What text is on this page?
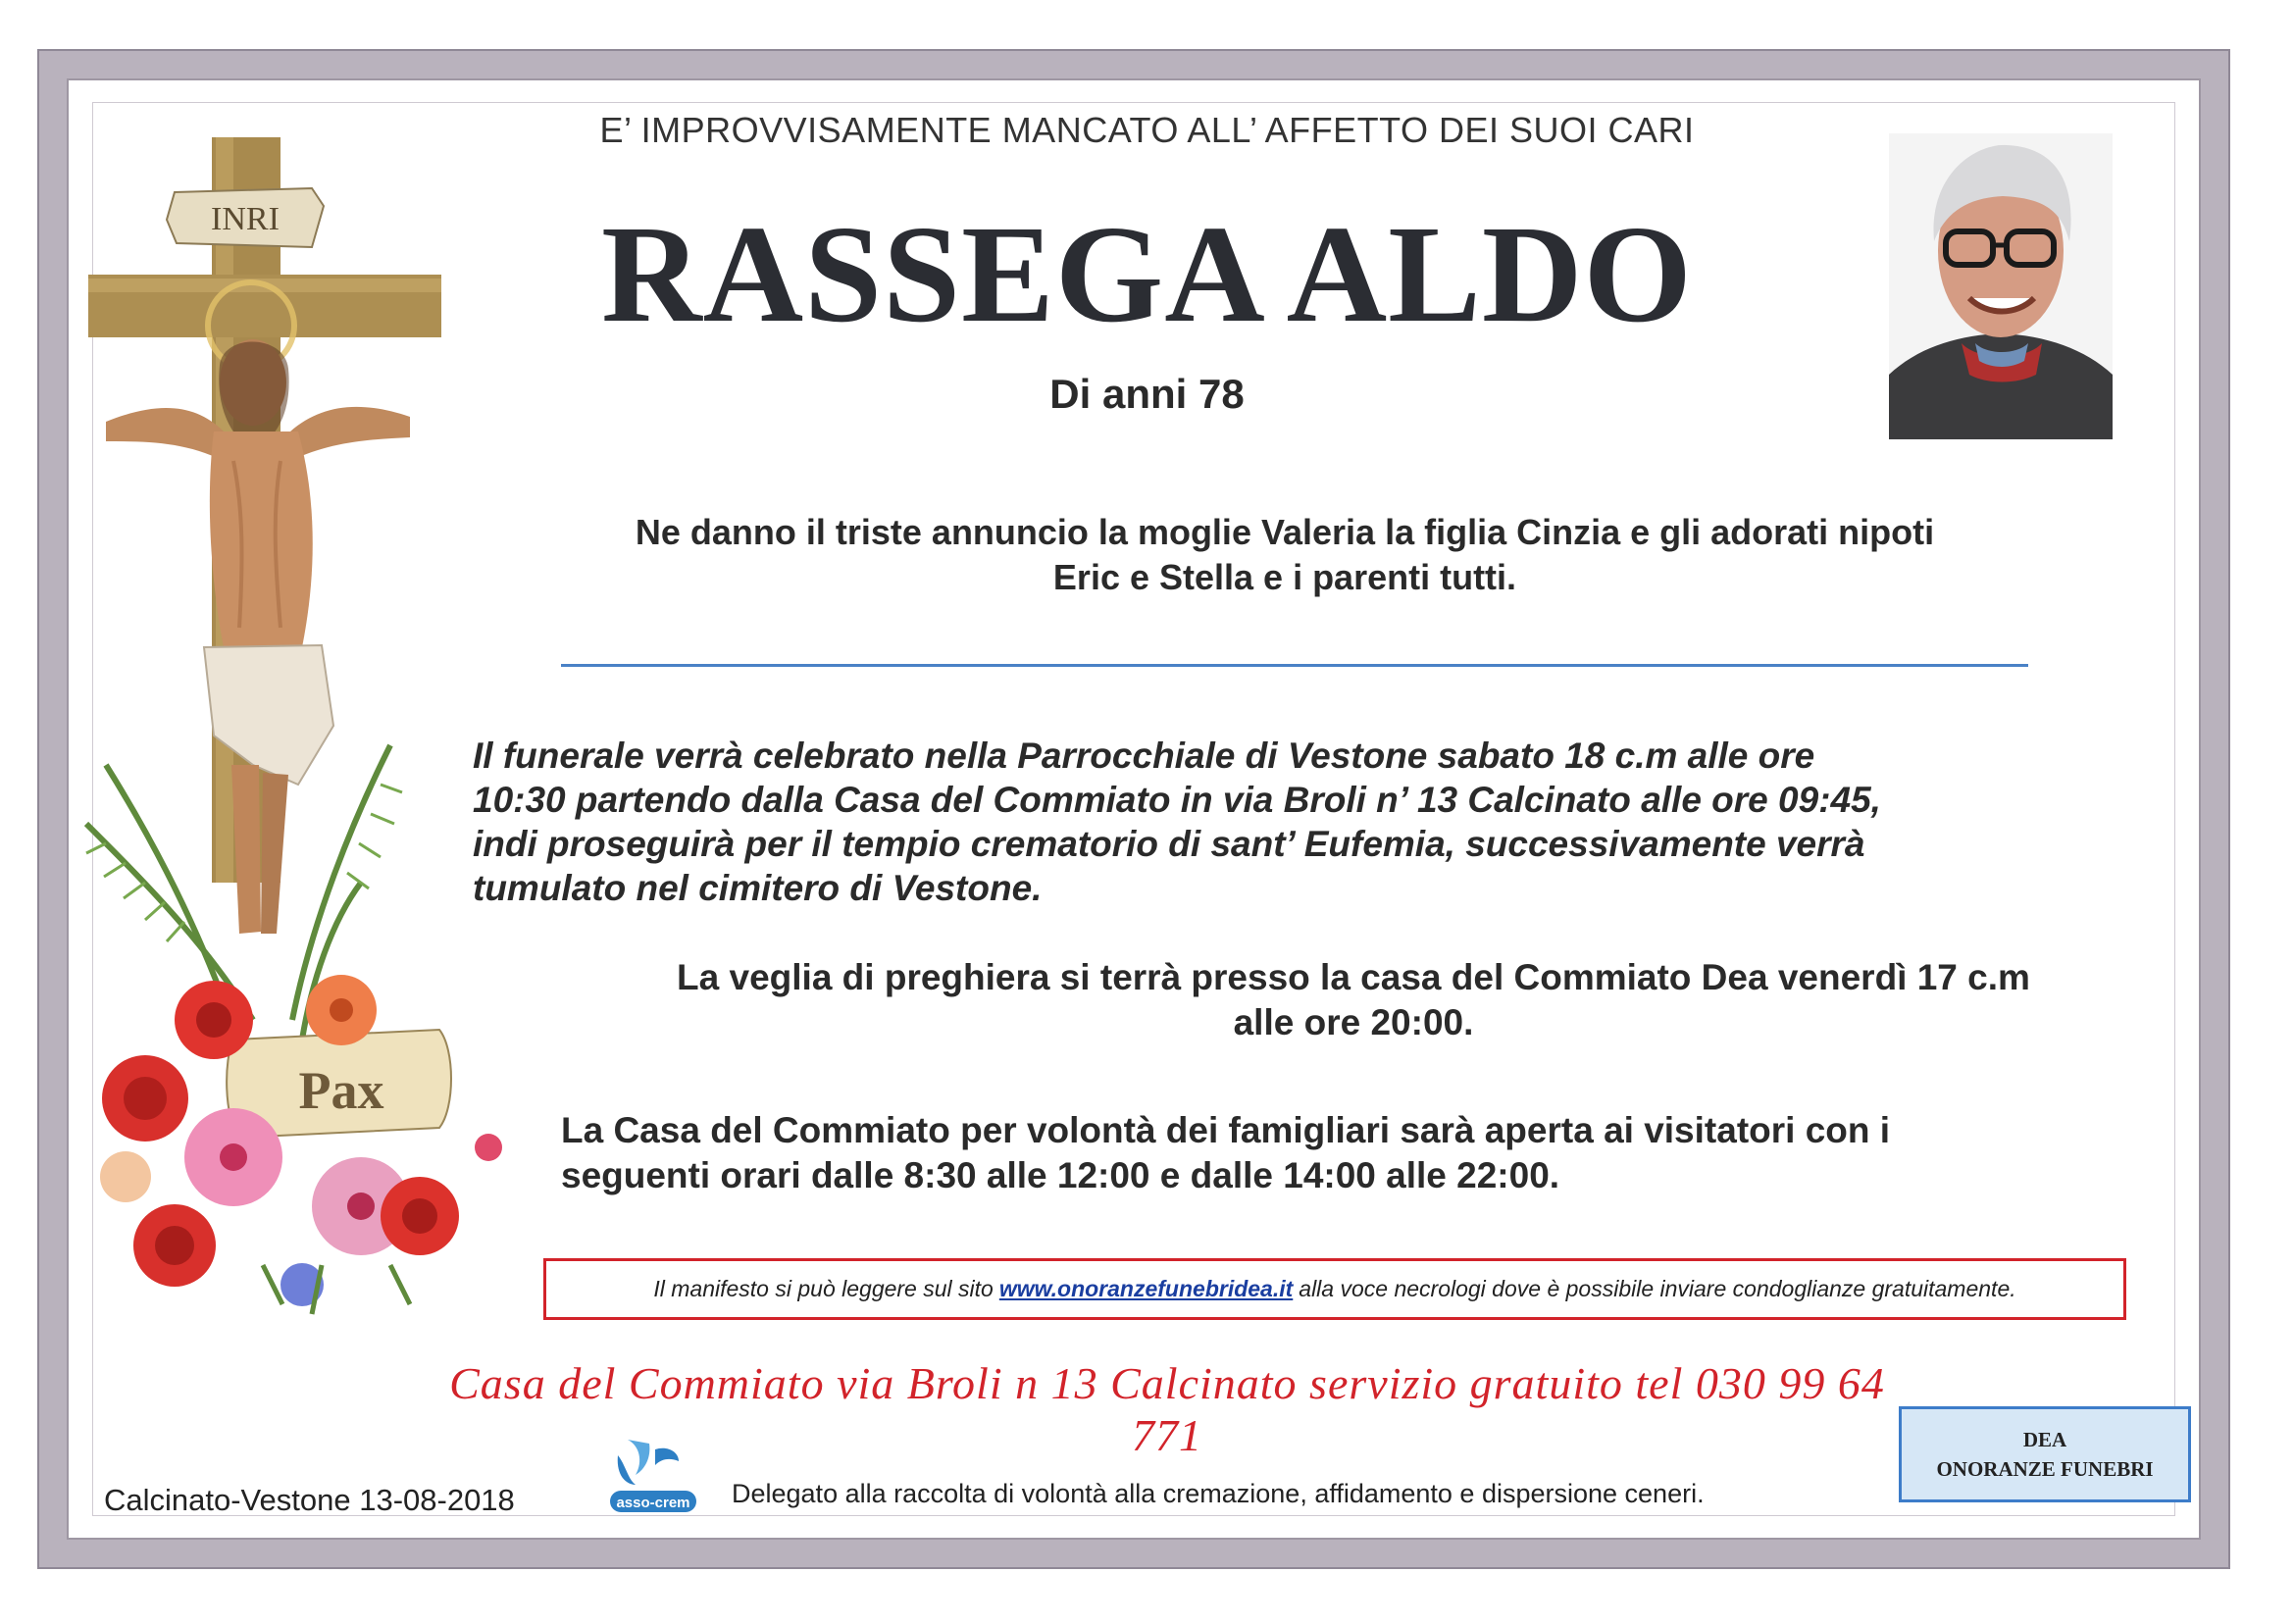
INRI
Pax
E’ IMPROVVISAMENTE MANCATO ALL’ AFFETTO DEI SUOI CARI
RASSEGA ALDO
Di anni 78
Ne danno il triste annuncio la moglie Valeria la figlia Cinzia e gli adorati nipoti
Eric e Stella e i parenti tutti.
Il funerale verrà celebrato nella Parrocchiale di Vestone sabato 18 c.m alle ore
10:30 partendo dalla Casa del Commiato in via Broli n’ 13 Calcinato alle ore 09:45,
indi proseguirà per il tempio crematorio di sant’ Eufemia, successivamente verrà
tumulato nel cimitero di Vestone.
La veglia di preghiera si terrà presso la casa del Commiato Dea venerdì 17 c.m
alle ore 20:00.
La Casa del Commiato per volontà dei famigliari sarà aperta ai visitatori con i
seguenti orari dalle 8:30 alle 12:00 e dalle 14:00 alle 22:00.
Il manifesto si può leggere sul sito www.onoranzefunebridea.it alla voce necrologi dove è possibile inviare condoglianze gratuitamente.
Casa del Commiato via Broli n 13 Calcinato servizio gratuito tel 030 99 64 771
Calcinato-Vestone 13-08-2018	asso-crem Delegato alla raccolta di volontà alla cremazione, affidamento e dispersione ceneri.
DEA
ONORANZE FUNEBRI
